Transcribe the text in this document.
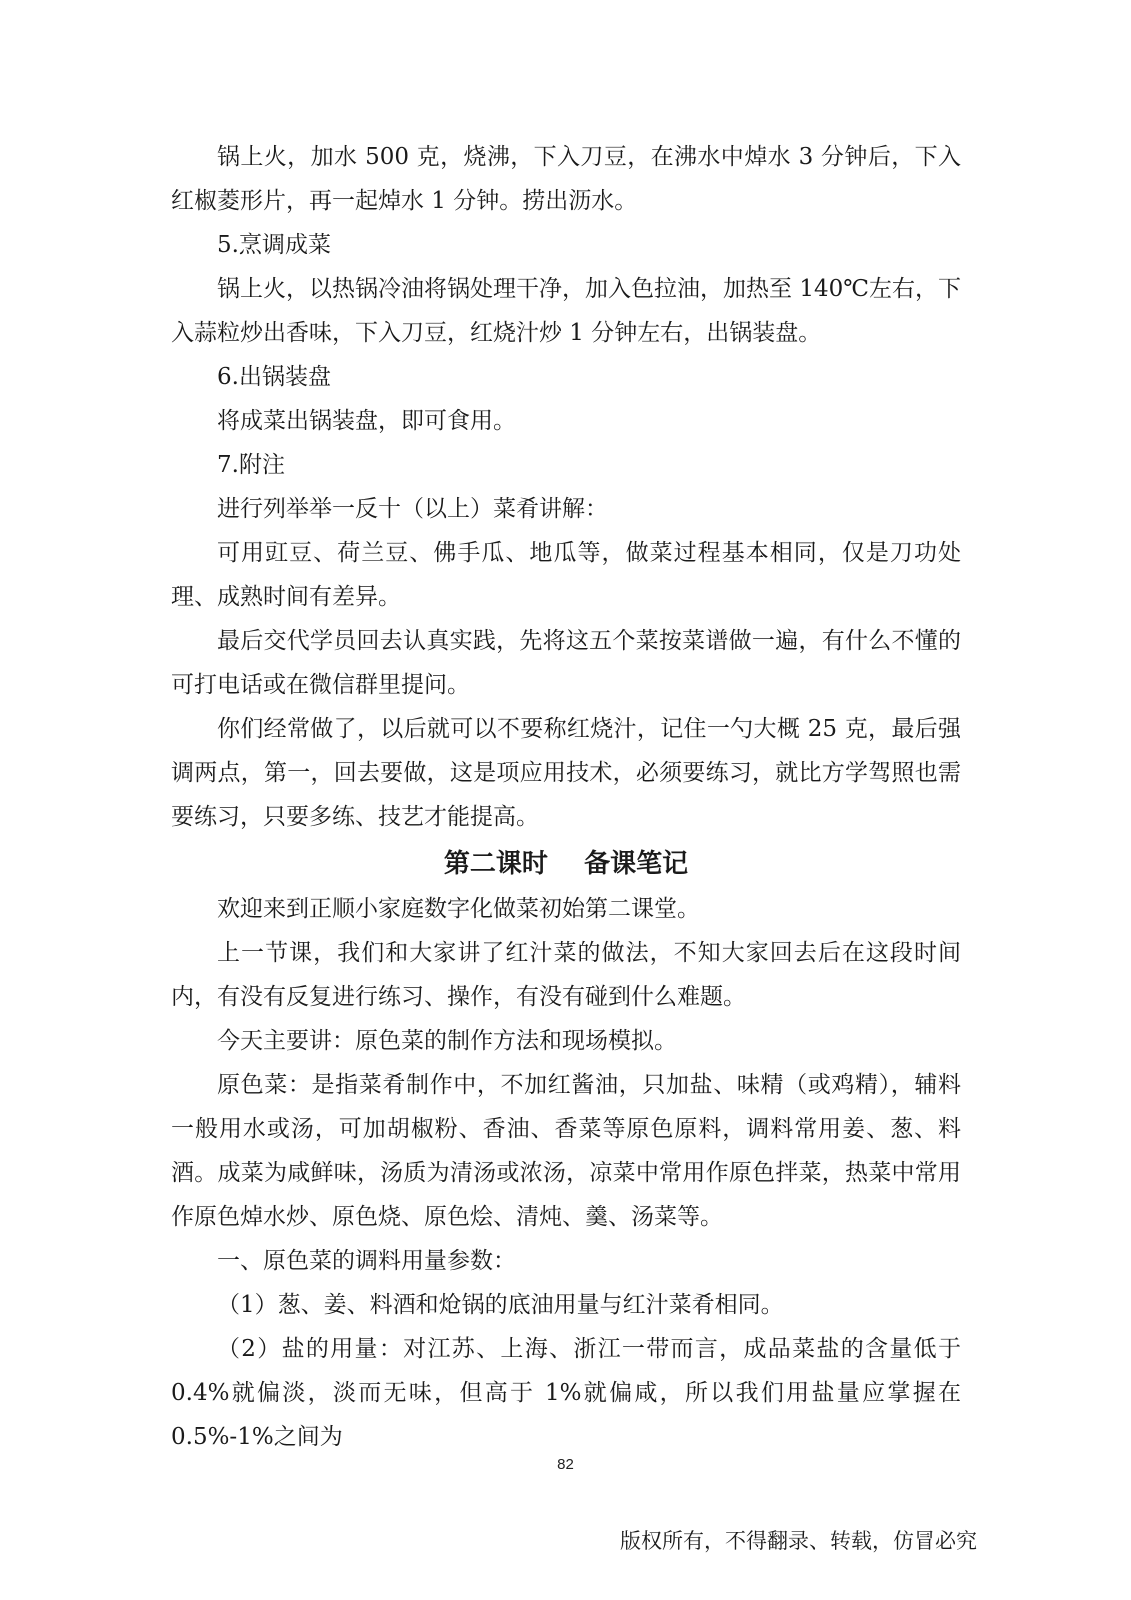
锅上火，加水 500 克，烧沸，下入刀豆，在沸水中焯水 3 分钟后，下入红椒菱形片，再一起焯水 1 分钟。捞出沥水。

5.烹调成菜

锅上火，以热锅冷油将锅处理干净，加入色拉油，加热至 140℃左右，下入蒜粒炒出香味，下入刀豆，红烧汁炒 1 分钟左右，出锅装盘。

6.出锅装盘

将成菜出锅装盘，即可食用。

7.附注

进行列举举一反十（以上）菜肴讲解：

可用豇豆、荷兰豆、佛手瓜、地瓜等，做菜过程基本相同，仅是刀功处理、成熟时间有差异。

最后交代学员回去认真实践，先将这五个菜按菜谱做一遍，有什么不懂的可打电话或在微信群里提问。

你们经常做了，以后就可以不要称红烧汁，记住一勺大概 25 克，最后强调两点，第一，回去要做，这是项应用技术，必须要练习，就比方学驾照也需要练习，只要多练、技艺才能提高。

第二课时    备课笔记

欢迎来到正顺小家庭数字化做菜初始第二课堂。

上一节课，我们和大家讲了红汁菜的做法，不知大家回去后在这段时间内，有没有反复进行练习、操作，有没有碰到什么难题。

今天主要讲：原色菜的制作方法和现场模拟。

原色菜：是指菜肴制作中，不加红酱油，只加盐、味精（或鸡精），辅料一般用水或汤，可加胡椒粉、香油、香菜等原色原料，调料常用姜、葱、料酒。成菜为咸鲜味，汤质为清汤或浓汤，凉菜中常用作原色拌菜，热菜中常用作原色焯水炒、原色烧、原色烩、清炖、羹、汤菜等。

一、原色菜的调料用量参数：

（1）葱、姜、料酒和炝锅的底油用量与红汁菜肴相同。

（2）盐的用量：对江苏、上海、浙江一带而言，成品菜盐的含量低于 0.4%就偏淡，淡而无味，但高于 1%就偏咸，所以我们用盐量应掌握在 0.5%-1%之间为

82
版权所有，不得翻录、转载，仿冒必究
